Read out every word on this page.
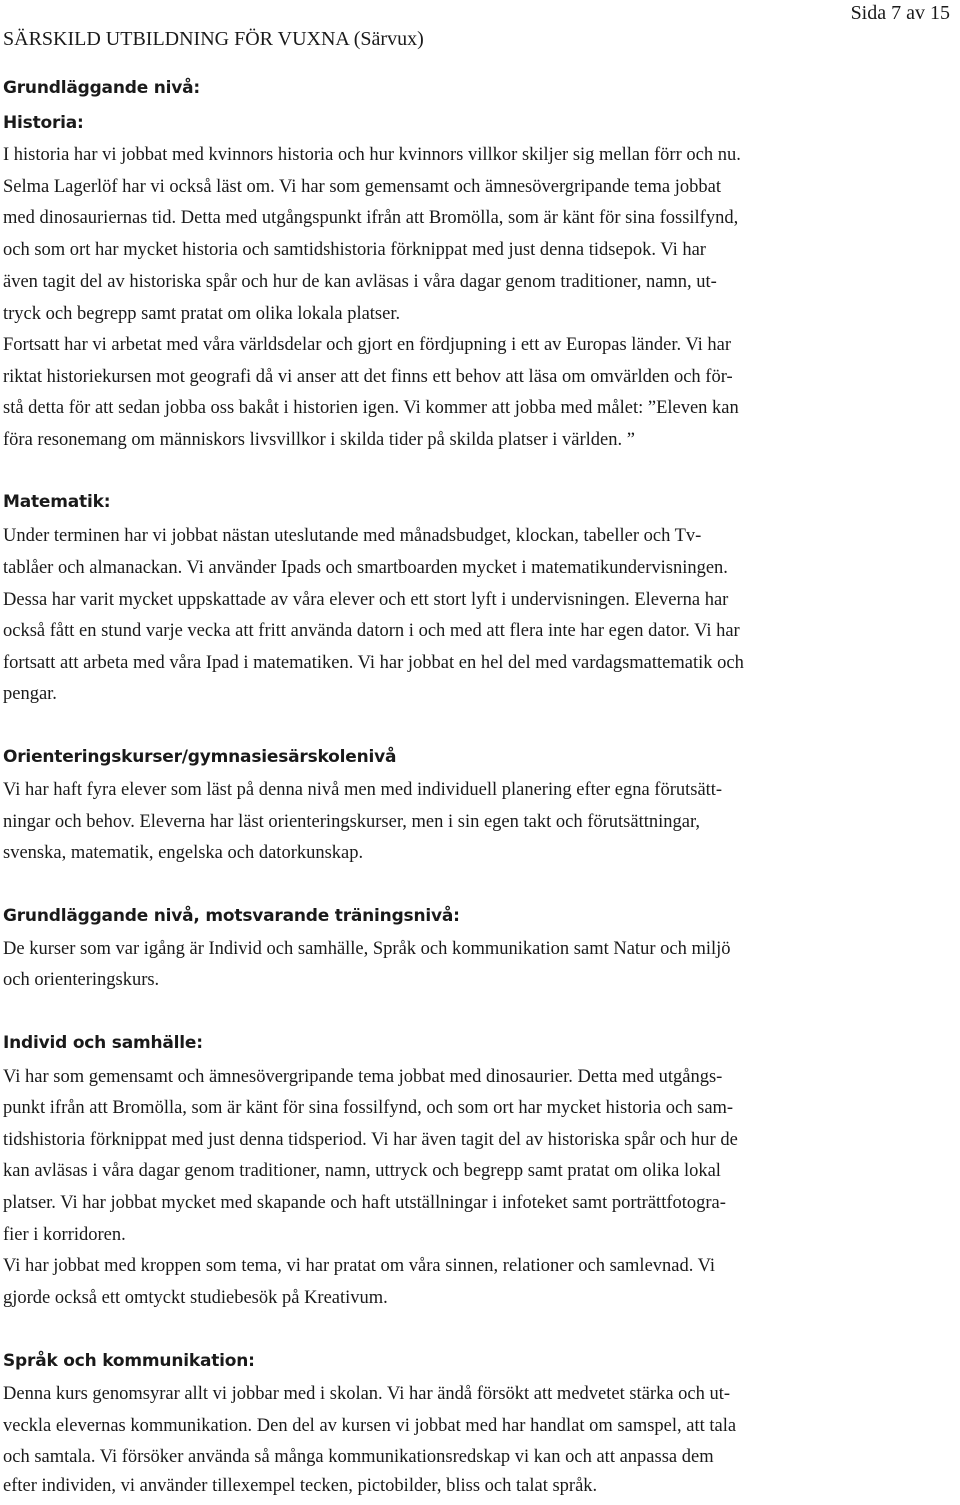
Sida 7 av 15
SÄRSKILD UTBILDNING FÖR VUXNA (Särvux)
Grundläggande nivå:
Historia:
I historia har vi jobbat med kvinnors historia och hur kvinnors villkor skiljer sig mellan förr och nu.
Selma Lagerlöf har vi också läst om. Vi har som gemensamt och ämnesövergripande tema jobbat
med dinosauriernas tid. Detta med utgångspunkt ifrån att Bromölla, som är känt för sina fossilfynd,
och som ort har mycket historia och samtidshistoria förknippat med just denna tidsepok. Vi har
även tagit del av historiska spår och hur de kan avläsas i våra dagar genom traditioner, namn, ut-
tryck och begrepp samt pratat om olika lokala platser.
Fortsatt har vi arbetat med våra världsdelar och gjort en fördjupning i ett av Europas länder. Vi har
riktat historiekursen mot geografi då vi anser att det finns ett behov att läsa om omvärlden och för-
stå detta för att sedan jobba oss bakåt i historien igen. Vi kommer att jobba med målet: ”Eleven kan
föra resonemang om människors livsvillkor i skilda tider på skilda platser i världen. ”
Matematik:
Under terminen har vi jobbat nästan uteslutande med månadsbudget, klockan, tabeller och Tv-
tablåer och almanackan. Vi använder Ipads och smartboarden mycket i matematikundervisningen.
Dessa har varit mycket uppskattade av våra elever och ett stort lyft i undervisningen. Eleverna har
också fått en stund varje vecka att fritt använda datorn i och med att flera inte har egen dator. Vi har
fortsatt att arbeta med våra Ipad i matematiken. Vi har jobbat en hel del med vardagsmattematik och
pengar.
Orienteringskurser/gymnasiesärskolenivå
Vi har haft fyra elever som läst på denna nivå men med individuell planering efter egna förutsätt-
ningar och behov. Eleverna har läst orienteringskurser, men i sin egen takt och förutsättningar,
svenska, matematik, engelska och datorkunskap.
Grundläggande nivå, motsvarande träningsnivå:
De kurser som var igång är Individ och samhälle, Språk och kommunikation samt Natur och miljö
och orienteringskurs.
Individ och samhälle:
Vi har som gemensamt och ämnesövergripande tema jobbat med dinosaurier. Detta med utgångs-
punkt ifrån att Bromölla, som är känt för sina fossilfynd, och som ort har mycket historia och sam-
tidshistoria förknippat med just denna tidsperiod. Vi har även tagit del av historiska spår och hur de
kan avläsas i våra dagar genom traditioner, namn, uttryck och begrepp samt pratat om olika lokal
platser. Vi har jobbat mycket med skapande och haft utställningar i infoteket samt porträttfotogra-
fier i korridoren.
Vi har jobbat med kroppen som tema, vi har pratat om våra sinnen, relationer och samlevnad. Vi
gjorde också ett omtyckt studiebesök på Kreativum.
Språk och kommunikation:
Denna kurs genomsyrar allt vi jobbar med i skolan. Vi har ändå försökt att medvetet stärka och ut-
veckla elevernas kommunikation. Den del av kursen vi jobbat med har handlat om samspel, att tala
och samtala. Vi försöker använda så många kommunikationsredskap vi kan och att anpassa dem
efter individen, vi använder tillexempel tecken, pictobilder, bliss och talat språk.
